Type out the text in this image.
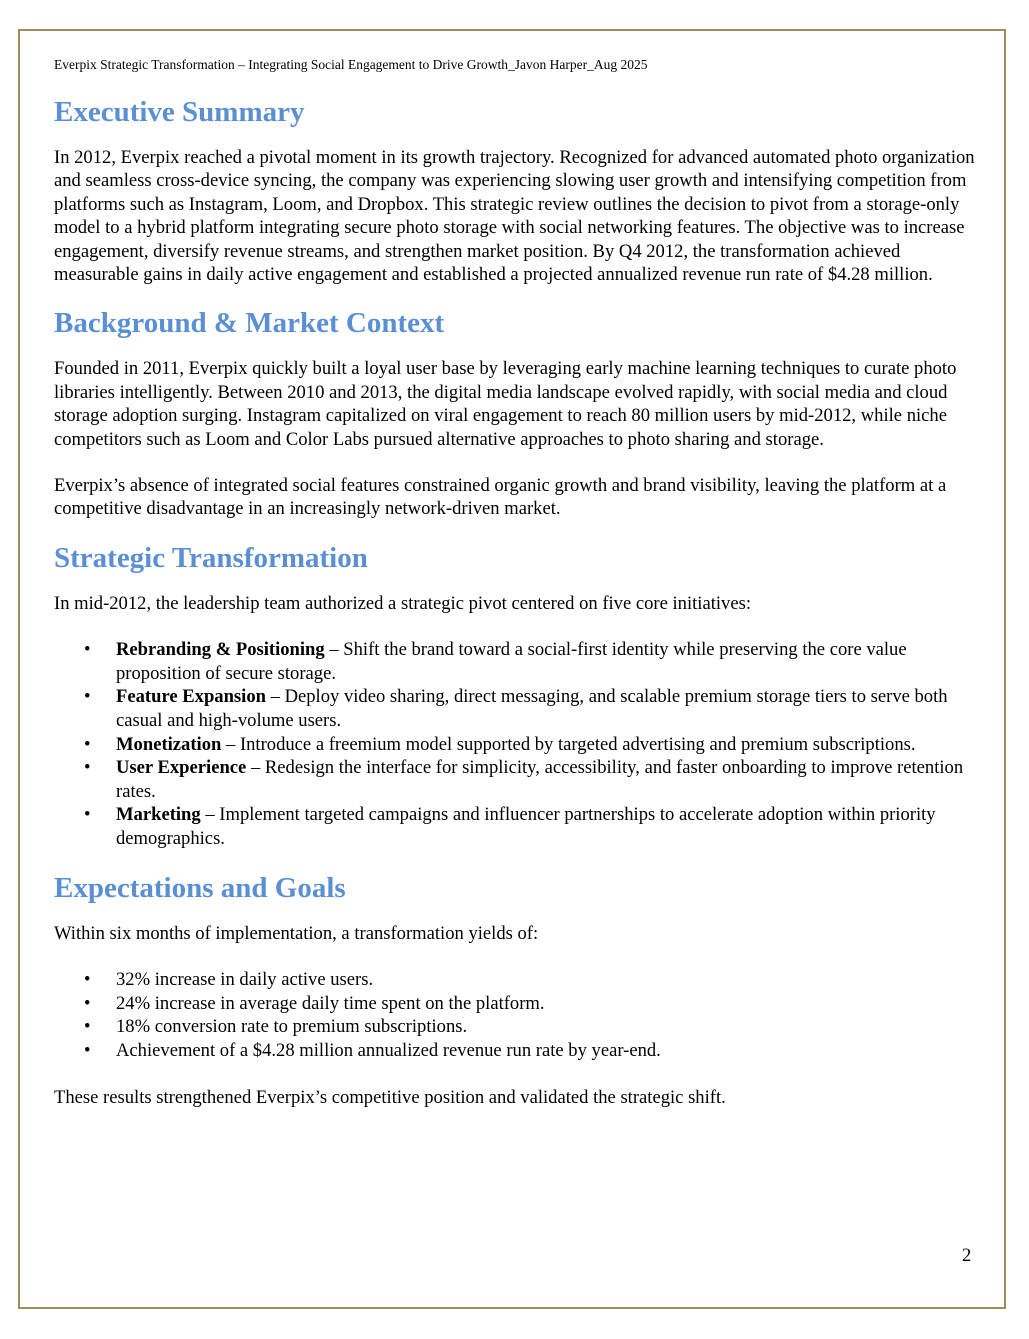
Everpix Strategic Transformation – Integrating Social Engagement to Drive Growth_Javon Harper_Aug 2025

Executive Summary

In 2012, Everpix reached a pivotal moment in its growth trajectory. Recognized for advanced automated photo organization and seamless cross-device syncing, the company was experiencing slowing user growth and intensifying competition from platforms such as Instagram, Loom, and Dropbox. This strategic review outlines the decision to pivot from a storage-only model to a hybrid platform integrating secure photo storage with social networking features. The objective was to increase engagement, diversify revenue streams, and strengthen market position. By Q4 2012, the transformation achieved measurable gains in daily active engagement and established a projected annualized revenue run rate of $4.28 million.

Background & Market Context

Founded in 2011, Everpix quickly built a loyal user base by leveraging early machine learning techniques to curate photo libraries intelligently. Between 2010 and 2013, the digital media landscape evolved rapidly, with social media and cloud storage adoption surging. Instagram capitalized on viral engagement to reach 80 million users by mid-2012, while niche competitors such as Loom and Color Labs pursued alternative approaches to photo sharing and storage.

Everpix’s absence of integrated social features constrained organic growth and brand visibility, leaving the platform at a competitive disadvantage in an increasingly network-driven market.

Strategic Transformation

In mid-2012, the leadership team authorized a strategic pivot centered on five core initiatives:

• Rebranding & Positioning – Shift the brand toward a social-first identity while preserving the core value proposition of secure storage.
• Feature Expansion – Deploy video sharing, direct messaging, and scalable premium storage tiers to serve both casual and high-volume users.
• Monetization – Introduce a freemium model supported by targeted advertising and premium subscriptions.
• User Experience – Redesign the interface for simplicity, accessibility, and faster onboarding to improve retention rates.
• Marketing – Implement targeted campaigns and influencer partnerships to accelerate adoption within priority demographics.
Expectations and Goals

Within six months of implementation, a transformation yields of:

• 32% increase in daily active users.
• 24% increase in average daily time spent on the platform.
• 18% conversion rate to premium subscriptions.
• Achievement of a $4.28 million annualized revenue run rate by year-end.

These results strengthened Everpix’s competitive position and validated the strategic shift.

2
